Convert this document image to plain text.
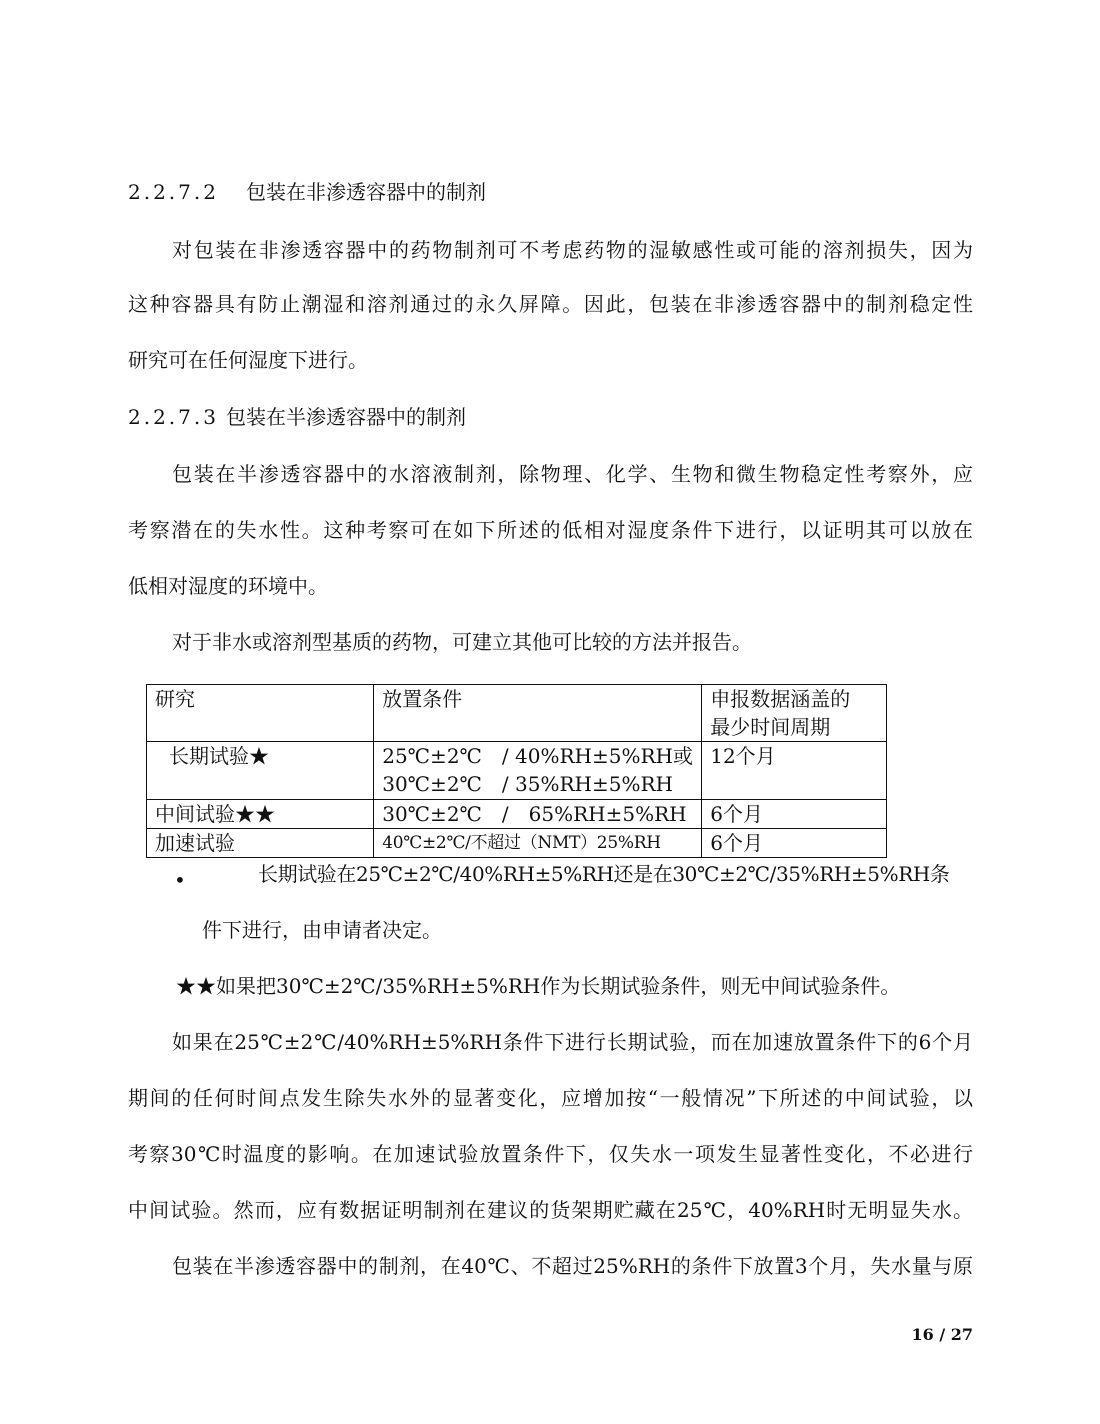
2.2.7.2 包装在非渗透容器中的制剂
对包装在非渗透容器中的药物制剂可不考虑药物的湿敏感性或可能的溶剂损失，因为
这种容器具有防止潮湿和溶剂通过的永久屏障。因此，包装在非渗透容器中的制剂稳定性
研究可在任何湿度下进行。
2.2.7.3 包装在半渗透容器中的制剂
包装在半渗透容器中的水溶液制剂，除物理、化学、生物和微生物稳定性考察外，应
考察潜在的失水性。这种考察可在如下所述的低相对湿度条件下进行，以证明其可以放在
低相对湿度的环境中。
对于非水或溶剂型基质的药物，可建立其他可比较的方法并报告。
研究	放置条件	申报数据涵盖的
最少时间周期

长期试验★	25℃±2℃　/ 40%RH±5%RH或
30℃±2℃　/ 35%RH±5%RH	12个月

中间试验★★	30℃±2℃　/　65%RH±5%RH	6个月

加速试验	40℃±2℃/不超过（NMT）25%RH	6个月
•	长期试验在25℃±2℃/40%RH±5%RH还是在30℃±2℃/35%RH±5%RH条
件下进行，由申请者决定。
★★如果把30℃±2℃/35%RH±5%RH作为长期试验条件，则无中间试验条件。
如果在25℃±2℃/40%RH±5%RH条件下进行长期试验，而在加速放置条件下的6个月
期间的任何时间点发生除失水外的显著变化，应增加按“一般情况”下所述的中间试验，以
考察30℃时温度的影响。在加速试验放置条件下，仅失水一项发生显著性变化，不必进行
中间试验。然而，应有数据证明制剂在建议的货架期贮藏在25℃，40%RH时无明显失水。
包装在半渗透容器中的制剂，在40℃、不超过25%RH的条件下放置3个月，失水量与原
16 / 27
